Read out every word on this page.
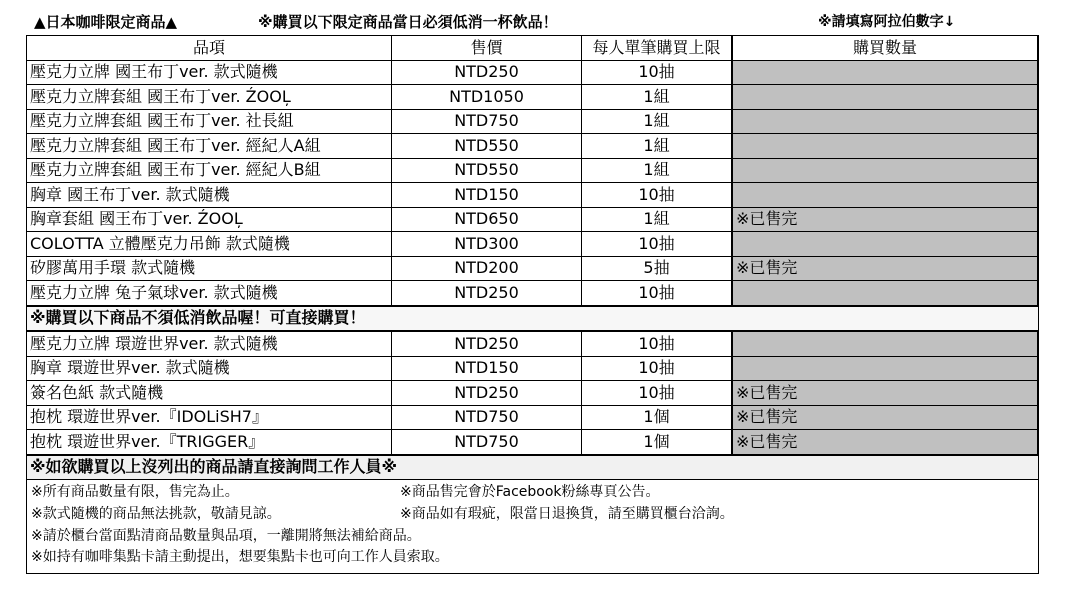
▲日本咖啡限定商品▲	※購買以下限定商品當日必須低消一杯飲品！	※請填寫阿拉伯數字↓
品項	售價	每人單筆購買上限	購買數量
壓克力立牌 國王布丁ver. 款式隨機	NTD250	10抽	
壓克力立牌套組 國王布丁ver. ŹOOĻ	NTD1050	1組	
壓克力立牌套組 國王布丁ver. 社長組	NTD750	1組	
壓克力立牌套組 國王布丁ver. 經紀人A組	NTD550	1組	
壓克力立牌套組 國王布丁ver. 經紀人B組	NTD550	1組	
胸章 國王布丁ver. 款式隨機	NTD150	10抽	
胸章套組 國王布丁ver. ŹOOĻ	NTD650	1組	※已售完
COLOTTA 立體壓克力吊飾 款式隨機	NTD300	10抽	
矽膠萬用手環 款式隨機	NTD200	5抽	※已售完
壓克力立牌 兔子氣球ver. 款式隨機	NTD250	10抽	
※購買以下商品不須低消飲品喔！可直接購買！			
壓克力立牌 環遊世界ver. 款式隨機	NTD250	10抽	
胸章 環遊世界ver. 款式隨機	NTD150	10抽	
簽名色紙 款式隨機	NTD250	10抽	※已售完
抱枕 環遊世界ver.『IDOLiSH7』	NTD750	1個	※已售完
抱枕 環遊世界ver.『TRIGGER』	NTD750	1個	※已售完
※如欲購買以上沒列出的商品請直接詢問工作人員※			
※所有商品數量有限，售完為止。	※商品售完會於Facebook粉絲專頁公告。
※款式隨機的商品無法挑款，敬請見諒。	※商品如有瑕疵，限當日退換貨，請至購買櫃台洽詢。
※請於櫃台當面點清商品數量與品項，一離開將無法補給商品。
※如持有咖啡集點卡請主動提出，想要集點卡也可向工作人員索取。
